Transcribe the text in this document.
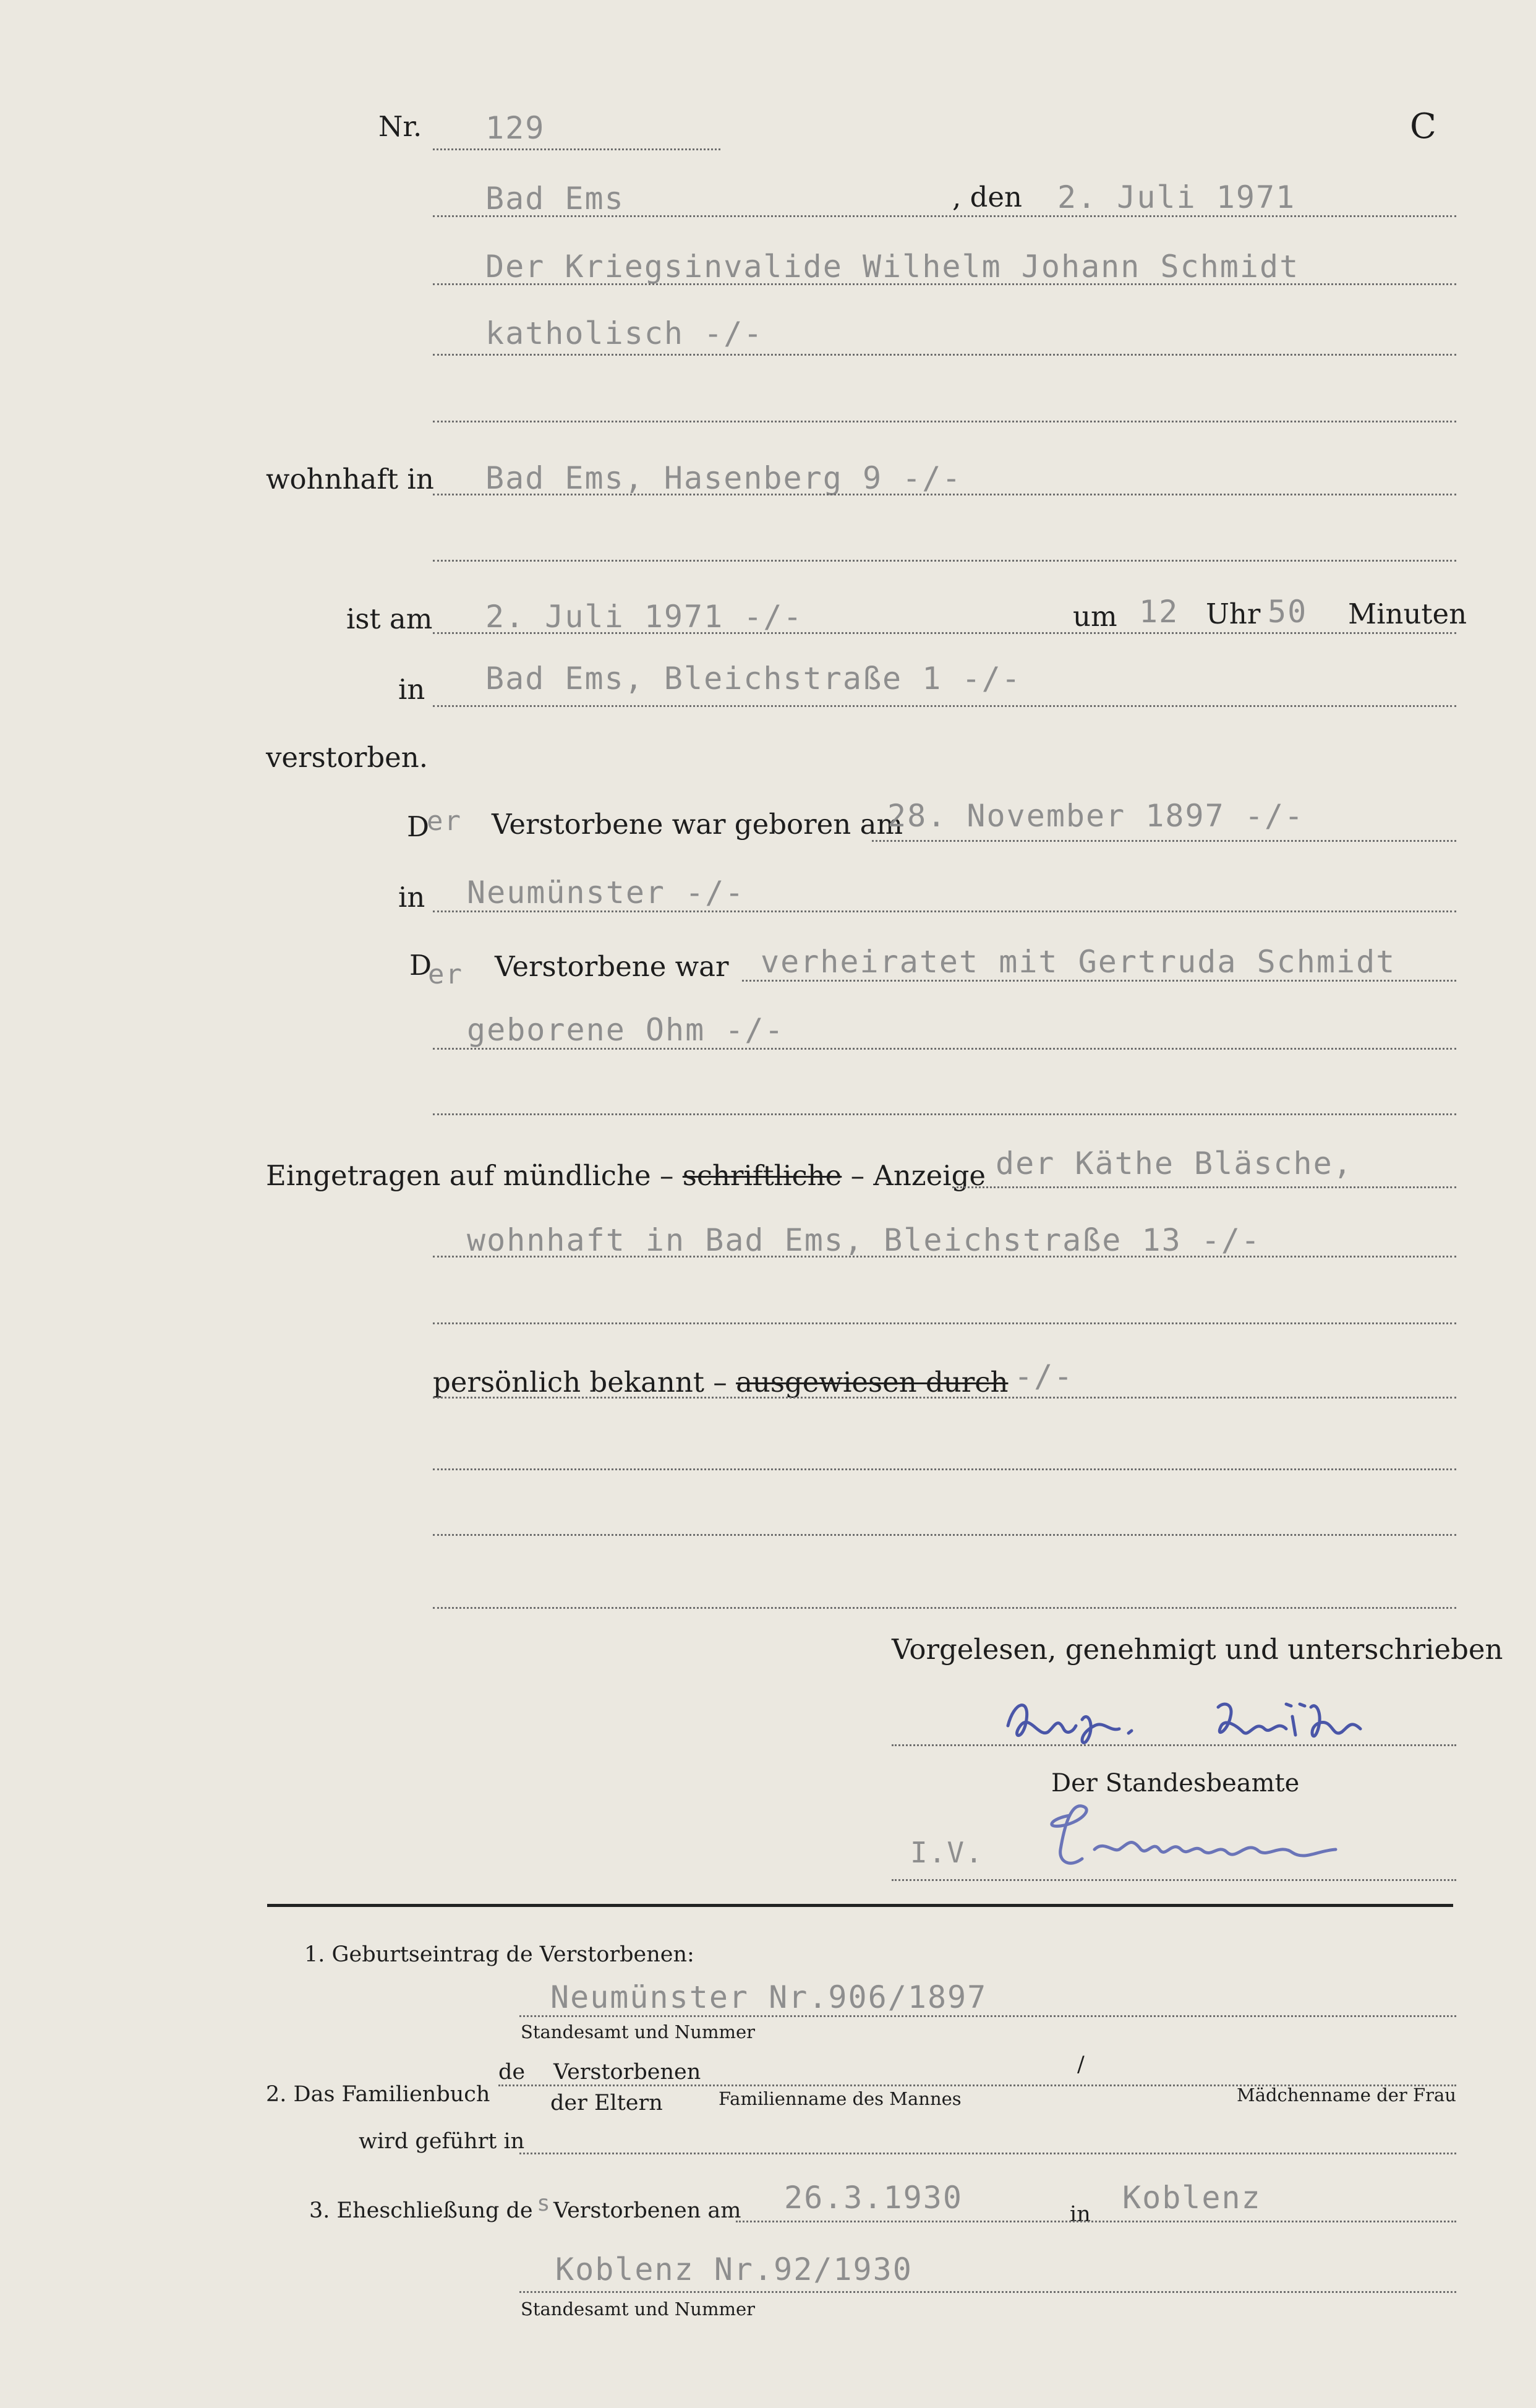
Nr. 129	C
Bad Ems	, den 2. Juli 1971
Der Kriegsinvalide Wilhelm Johann Schmidt
katholisch -/-
wohnhaft in Bad Ems, Hasenberg 9 -/-
ist am 2. Juli 1971 -/-	um 12 Uhr 50 Minuten
in Bad Ems, Bleichstraße 1 -/-
verstorben.
D
er Verstorbene war geboren am
28. November 1897 -/-
in Neumünster -/-
D
er Verstorbene war verheiratet mit Gertruda Schmidt
geborene Ohm -/-
Eingetragen auf mündliche – schriftliche – Anzeige der Käthe Bläsche,
wohnhaft in Bad Ems, Bleichstraße 13 -/-
persönlich bekannt – ausgewiesen durch -/-
Vorgelesen, genehmigt und unterschrieben
Der Standesbeamte
I.V.
1. Geburtseintrag de Verstorbenen:
Neumünster Nr.906/1897
Standesamt und Nummer
de Verstorbenen	/
2. Das Familienbuch	der Eltern	Familienname des Mannes	Mädchenname der Frau
wird geführt in
3. Eheschließung de s Verstorbenen am 26.3.1930	in Koblenz
Koblenz Nr.92/1930
Standesamt und Nummer
